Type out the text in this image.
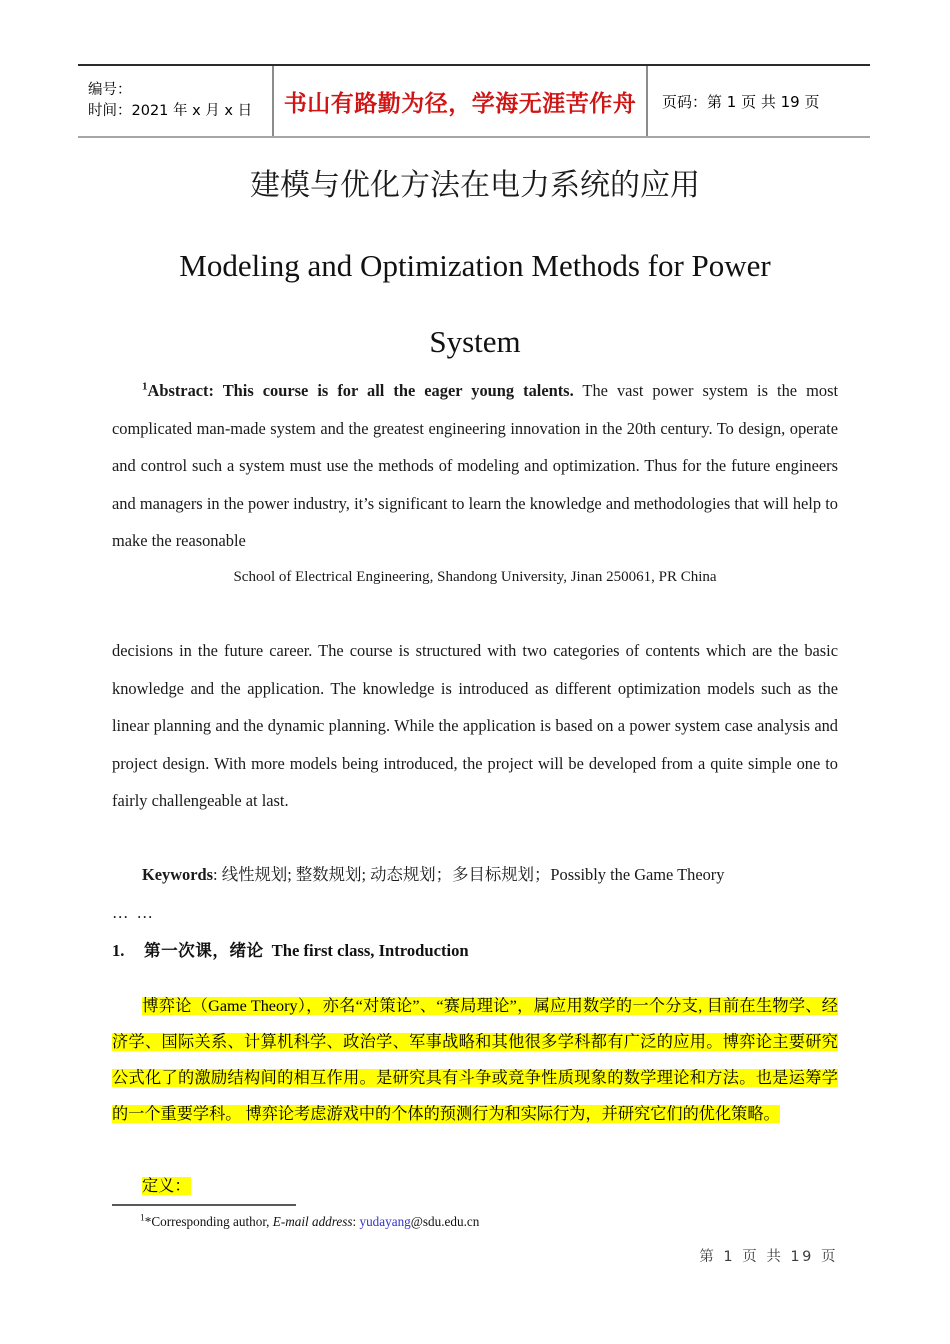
编号：
时间：2021 年 x 月 x 日	书山有路勤为径，学海无涯苦作舟 页码：第 1 页 共 19 页
建模与优化方法在电力系统的应用
Modeling and Optimization Methods for Power
System
$^1$Abstract: This course is for all the eager young talents. The vast power system is the most complicated man-made system and the greatest engineering innovation in the 20th century. To design, operate and control such a system must use the methods of modeling and optimization. Thus for the future engineers and managers in the power industry, it’s significant to learn the knowledge and methodologies that will help to make the reasonable
School of Electrical Engineering, Shandong University, Jinan 250061, PR China
decisions in the future career. The course is structured with two categories of contents which are the basic knowledge and the application. The knowledge is introduced as different optimization models such as the linear planning and the dynamic planning. While the application is based on a power system case analysis and project design. With more models being introduced, the project will be developed from a quite simple one to fairly challengeable at last.
Keywords: 线性规划; 整数规划; 动态规划；多目标规划；Possibly the Game Theory
… …
1. 第一次课，绪论 The first class, Introduction
博弈论（Game Theory），亦名“对策论”、“赛局理论”，属应用数学的一个分支, 目前在生物学、经济学、国际关系、计算机科学、政治学、军事战略和其他很多学科都有广泛的应用。博弈论主要研究公式化了的激励结构间的相互作用。是研究具有斗争或竞争性质现象的数学理论和方法。也是运筹学的一个重要学科。 博弈论考虑游戏中的个体的预测行为和实际行为，并研究它们的优化策略。
定义：
$^1$*Corresponding author, E-mail address: yudayang@sdu.edu.cn
第 1 页 共 19 页
